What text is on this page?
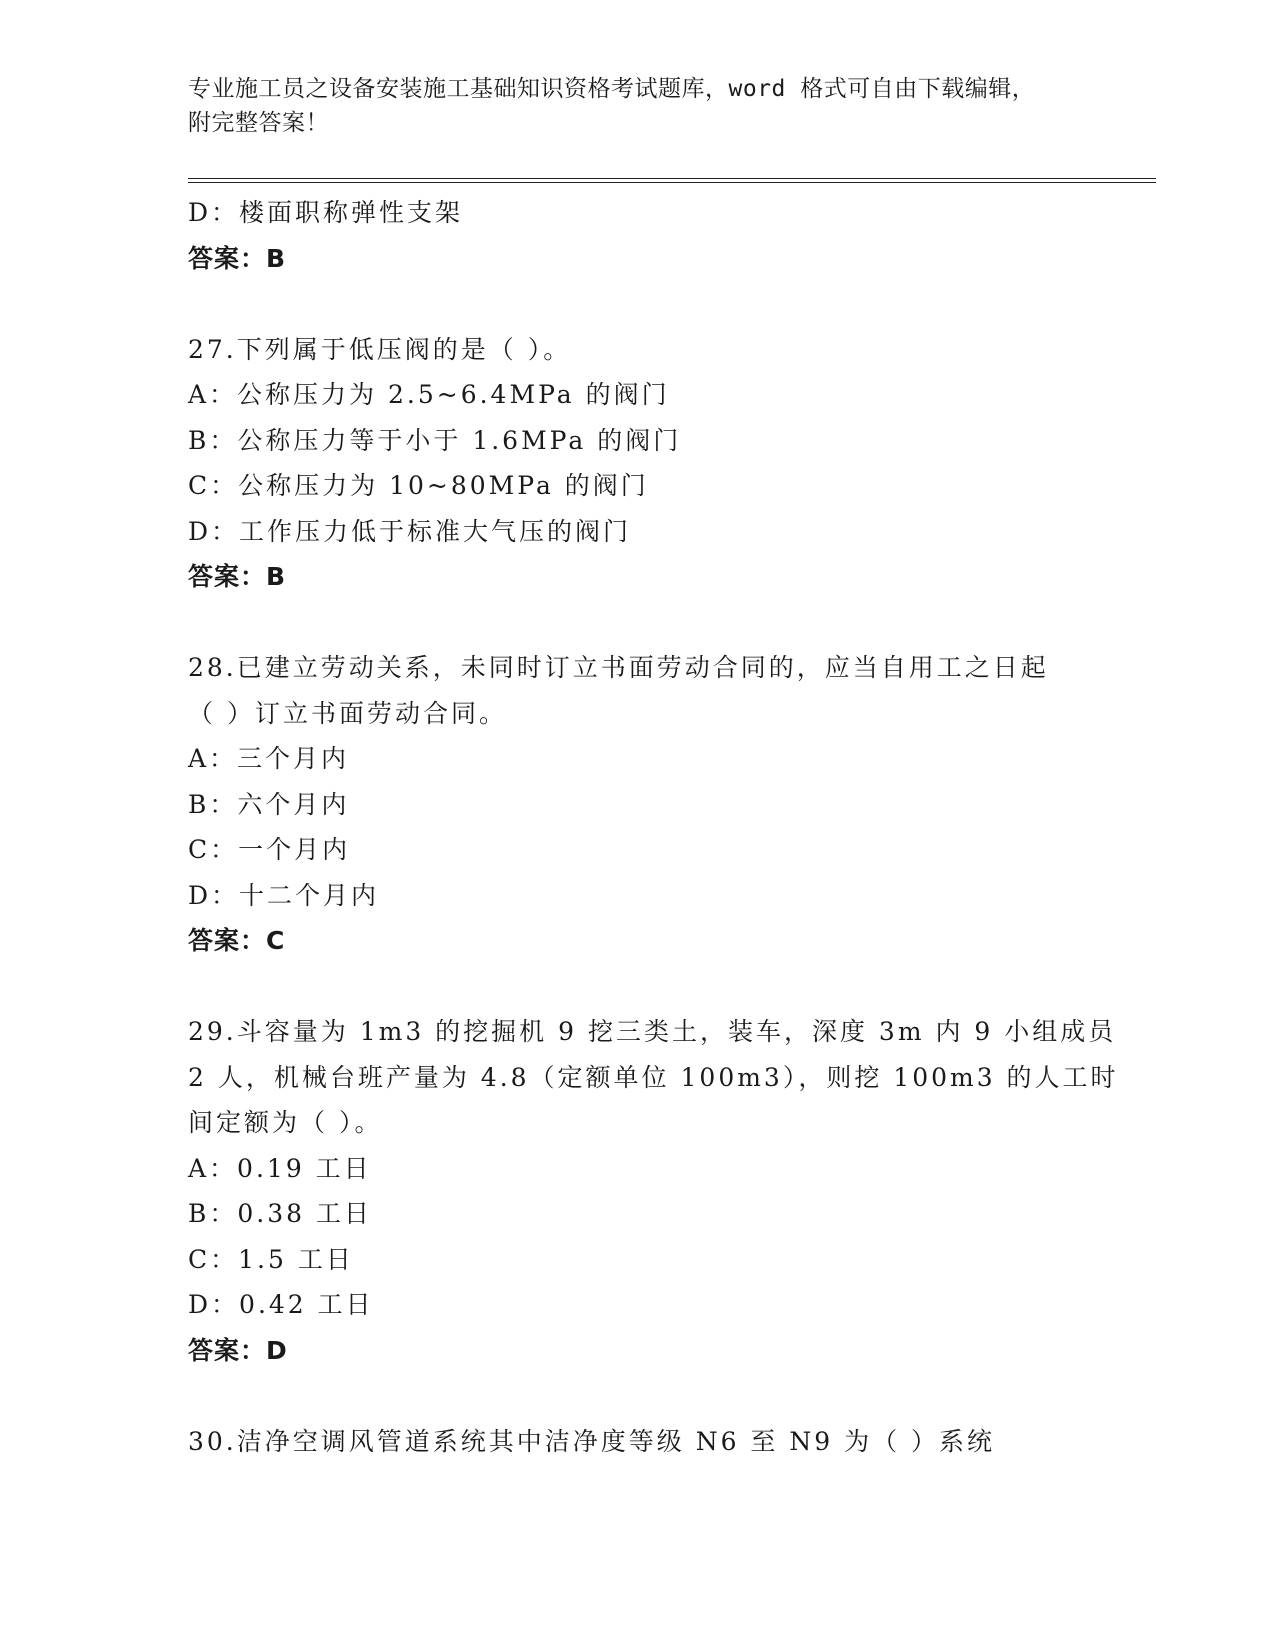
专业施工员之设备安装施工基础知识资格考试题库，word 格式可自由下载编辑，
附完整答案！
D：楼面职称弹性支架
答案：B
27.下列属于低压阀的是（ ）。
A：公称压力为 2.5~6.4MPa 的阀门
B：公称压力等于小于 1.6MPa 的阀门
C：公称压力为 10~80MPa 的阀门
D：工作压力低于标准大气压的阀门
答案：B
28.已建立劳动关系，未同时订立书面劳动合同的，应当自用工之日起
（ ）订立书面劳动合同。
A：三个月内
B：六个月内
C：一个月内
D：十二个月内
答案：C
29.斗容量为 1m3 的挖掘机 9 挖三类土，装车，深度 3m 内 9 小组成员
2 人，机械台班产量为 4.8（定额单位 100m3），则挖 100m3 的人工时
间定额为（ ）。
A：0.19 工日
B：0.38 工日
C：1.5 工日
D：0.42 工日
答案：D
30.洁净空调风管道系统其中洁净度等级 N6 至 N9 为（ ）系统
